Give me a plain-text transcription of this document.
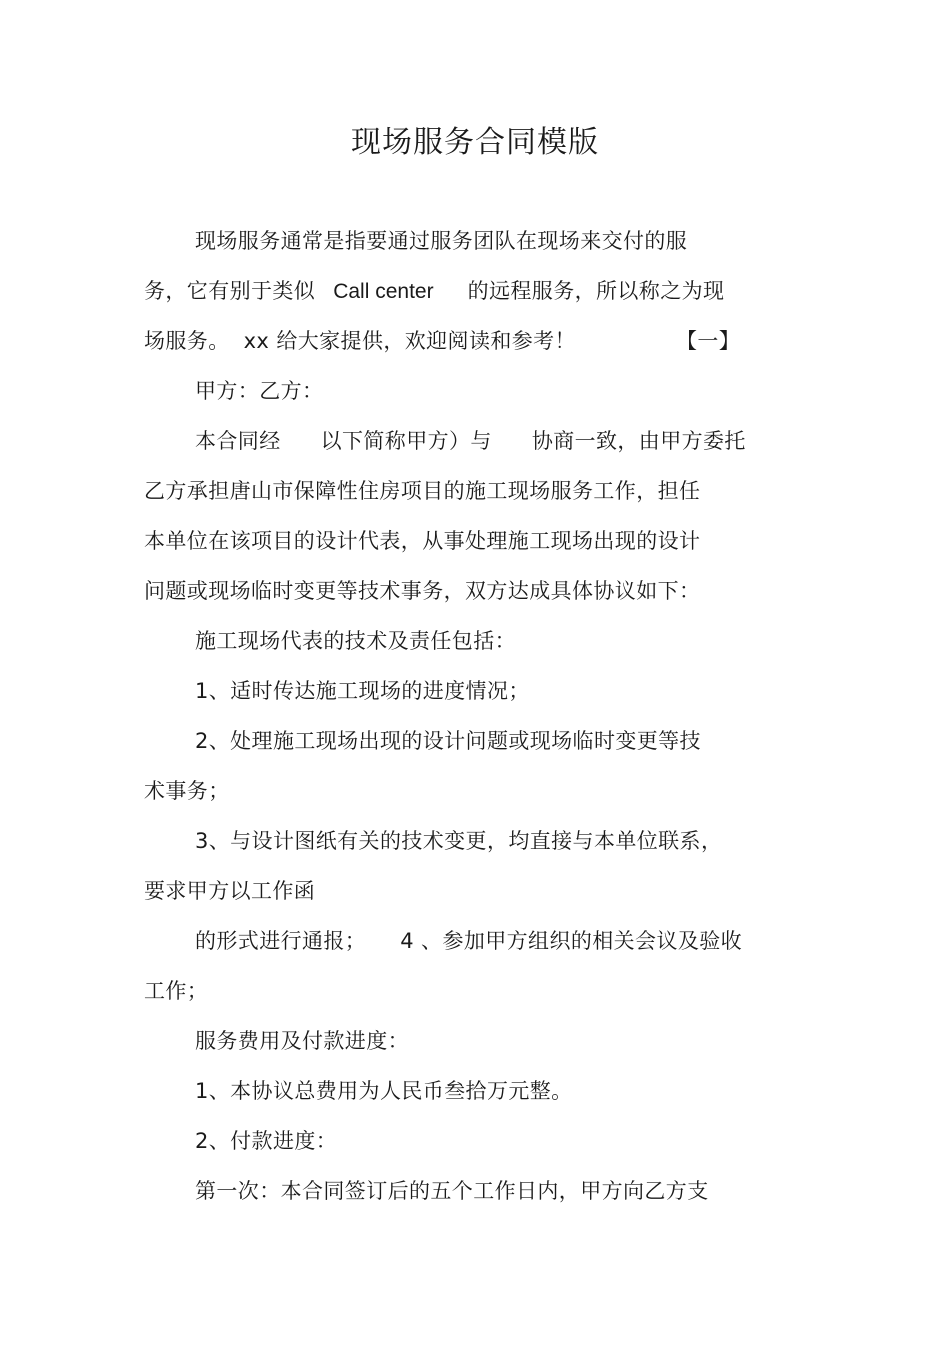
现场服务合同模版
现场服务通常是指要通过服务团队在现场来交付的服
务，它有别于类似 Call center 的远程服务，所以称之为现
场服务。 xx 给大家提供，欢迎阅读和参考！	【一】
甲方：乙方：
本合同经 以下简称甲方）与 协商一致，由甲方委托
乙方承担唐山市保障性住房项目的施工现场服务工作，担任
本单位在该项目的设计代表，从事处理施工现场出现的设计
问题或现场临时变更等技术事务，双方达成具体协议如下：
施工现场代表的技术及责任包括：
1、适时传达施工现场的进度情况；
2、处理施工现场出现的设计问题或现场临时变更等技
术事务；
3、与设计图纸有关的技术变更，均直接与本单位联系，
要求甲方以工作函
的形式进行通报； 4 、参加甲方组织的相关会议及验收
工作；
服务费用及付款进度：
1、本协议总费用为人民币叁拾万元整。
2、付款进度：
第一次：本合同签订后的五个工作日内，甲方向乙方支
